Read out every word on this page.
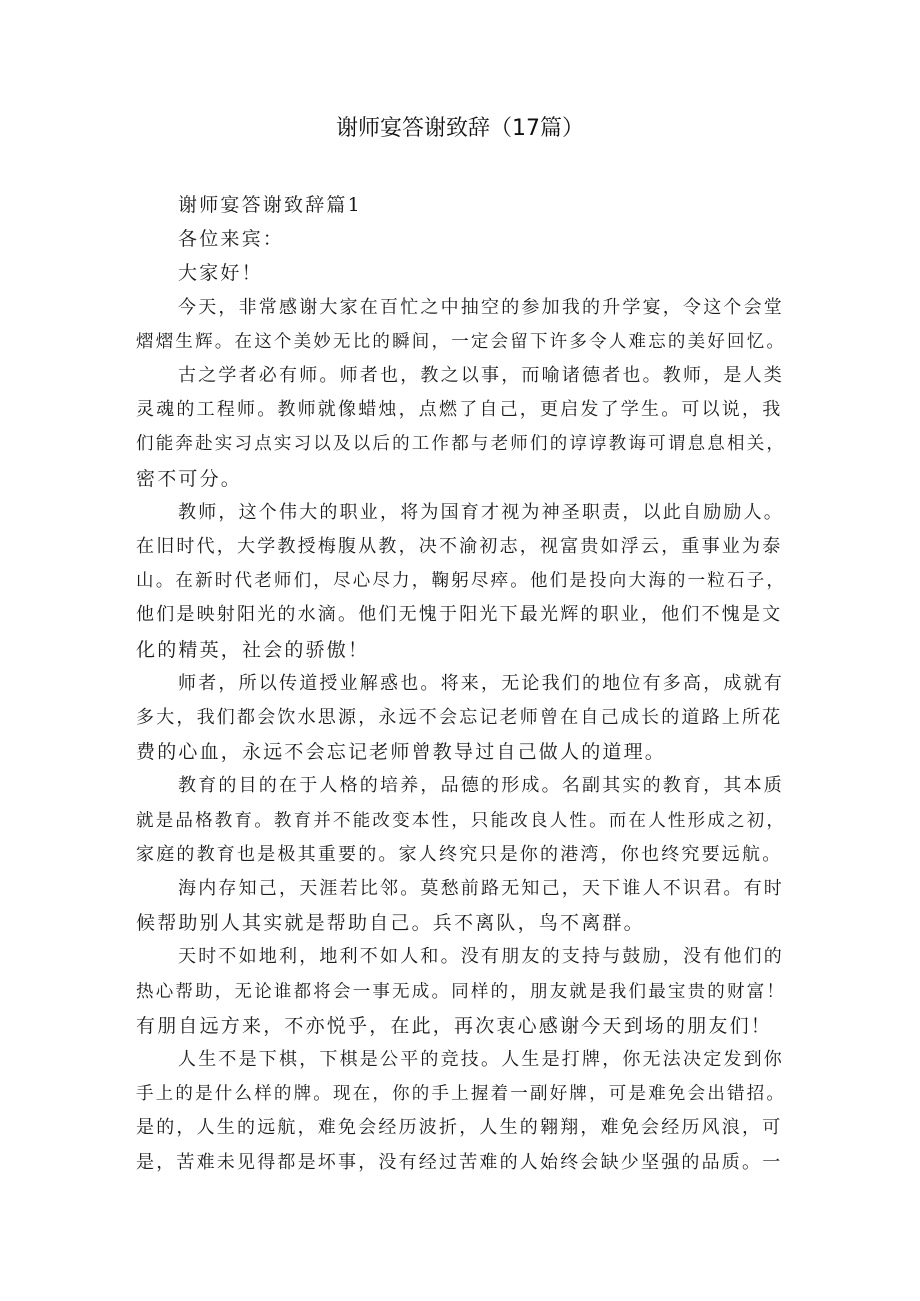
谢师宴答谢致辞（17篇）
谢师宴答谢致辞篇1
各位来宾：
大家好！
今天，非常感谢大家在百忙之中抽空的参加我的升学宴，令这个会堂
熠熠生辉。在这个美妙无比的瞬间，一定会留下许多令人难忘的美好回忆。
古之学者必有师。师者也，教之以事，而喻诸德者也。教师，是人类
灵魂的工程师。教师就像蜡烛，点燃了自己，更启发了学生。可以说，我
们能奔赴实习点实习以及以后的工作都与老师们的谆谆教诲可谓息息相关，
密不可分。
教师，这个伟大的职业，将为国育才视为神圣职责，以此自励励人。
在旧时代，大学教授梅腹从教，决不渝初志，视富贵如浮云，重事业为泰
山。在新时代老师们，尽心尽力，鞠躬尽瘁。他们是投向大海的一粒石子，
他们是映射阳光的水滴。他们无愧于阳光下最光辉的职业，他们不愧是文
化的精英，社会的骄傲！
师者，所以传道授业解惑也。将来，无论我们的地位有多高，成就有
多大，我们都会饮水思源，永远不会忘记老师曾在自己成长的道路上所花
费的心血，永远不会忘记老师曾教导过自己做人的道理。
教育的目的在于人格的培养，品德的形成。名副其实的教育，其本质
就是品格教育。教育并不能改变本性，只能改良人性。而在人性形成之初，
家庭的教育也是极其重要的。家人终究只是你的港湾，你也终究要远航。
海内存知己，天涯若比邻。莫愁前路无知己，天下谁人不识君。有时
候帮助别人其实就是帮助自己。兵不离队，鸟不离群。
天时不如地利，地利不如人和。没有朋友的支持与鼓励，没有他们的
热心帮助，无论谁都将会一事无成。同样的，朋友就是我们最宝贵的财富！
有朋自远方来，不亦悦乎，在此，再次衷心感谢今天到场的朋友们！
人生不是下棋，下棋是公平的竞技。人生是打牌，你无法决定发到你
手上的是什么样的牌。现在，你的手上握着一副好牌，可是难免会出错招。
是的，人生的远航，难免会经历波折，人生的翱翔，难免会经历风浪，可
是，苦难未见得都是坏事，没有经过苦难的人始终会缺少坚强的品质。一
